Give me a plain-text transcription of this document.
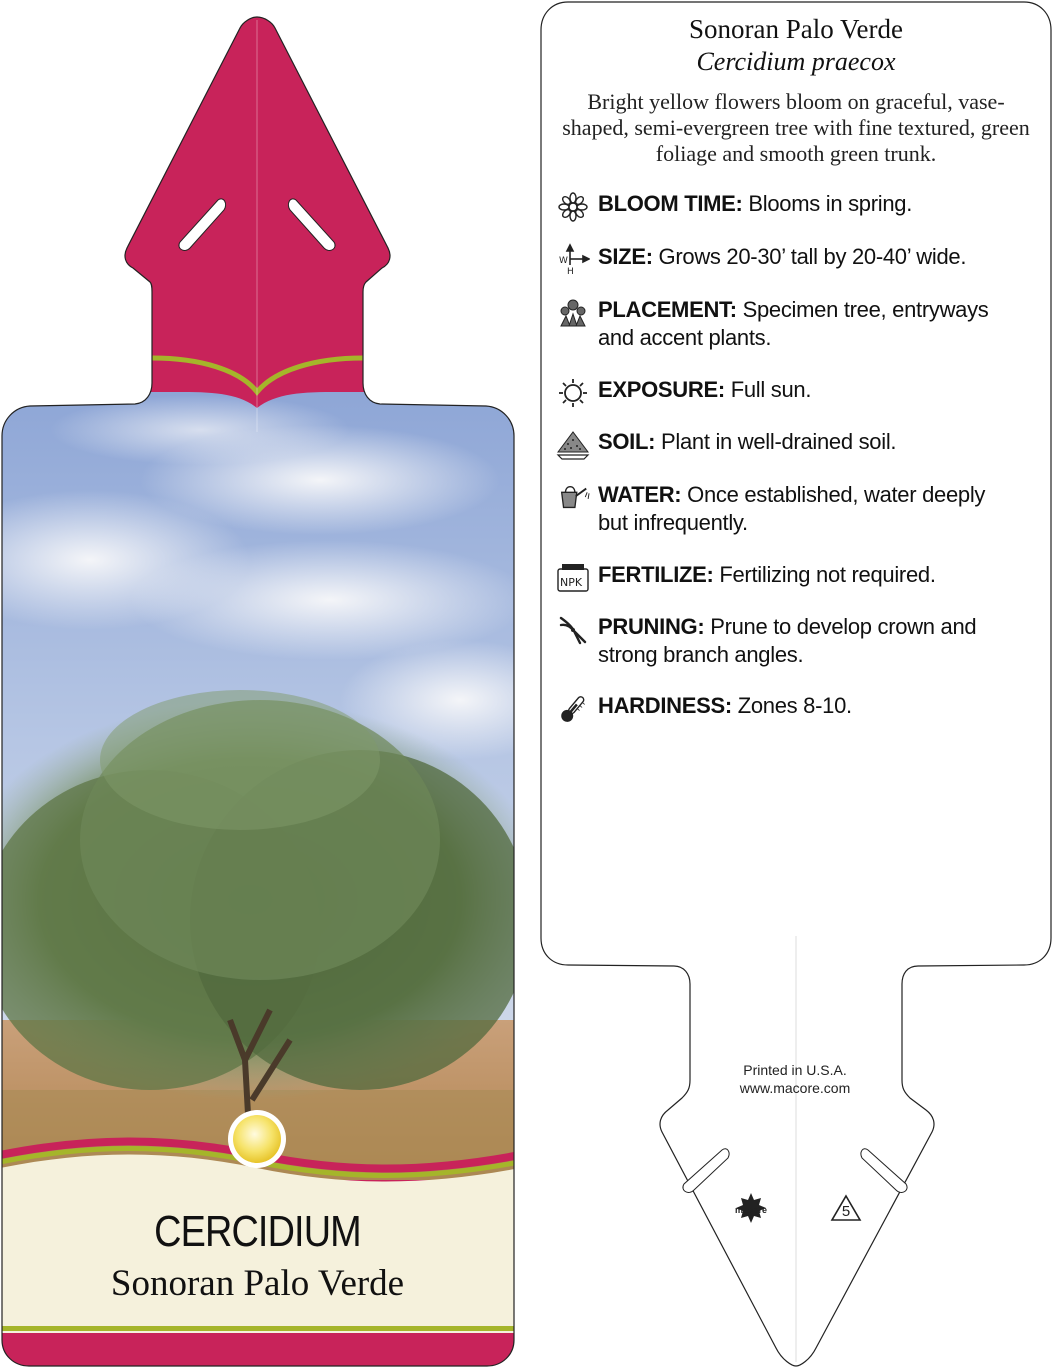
macore	5
CERCIDIUM
Sonoran Palo Verde
Sonoran Palo Verde
Cercidium praecox
Bright yellow flowers bloom on graceful, vase-shaped, semi-evergreen tree with fine textured, green foliage and smooth green trunk.
BLOOM TIME: Blooms in spring.
W
H
SIZE: Grows 20-30’ tall by 20-40’ wide.
PLACEMENT: Specimen tree, entryways
and accent plants.
EXPOSURE: Full sun.
SOIL: Plant in well-drained soil.
WATER: Once established, water deeply
but infrequently.
NPK FERTILIZE: Fertilizing not required.
PRUNING: Prune to develop crown and
strong branch angles.
HARDINESS: Zones 8-10.
Printed in U.S.A.
www.macore.com
